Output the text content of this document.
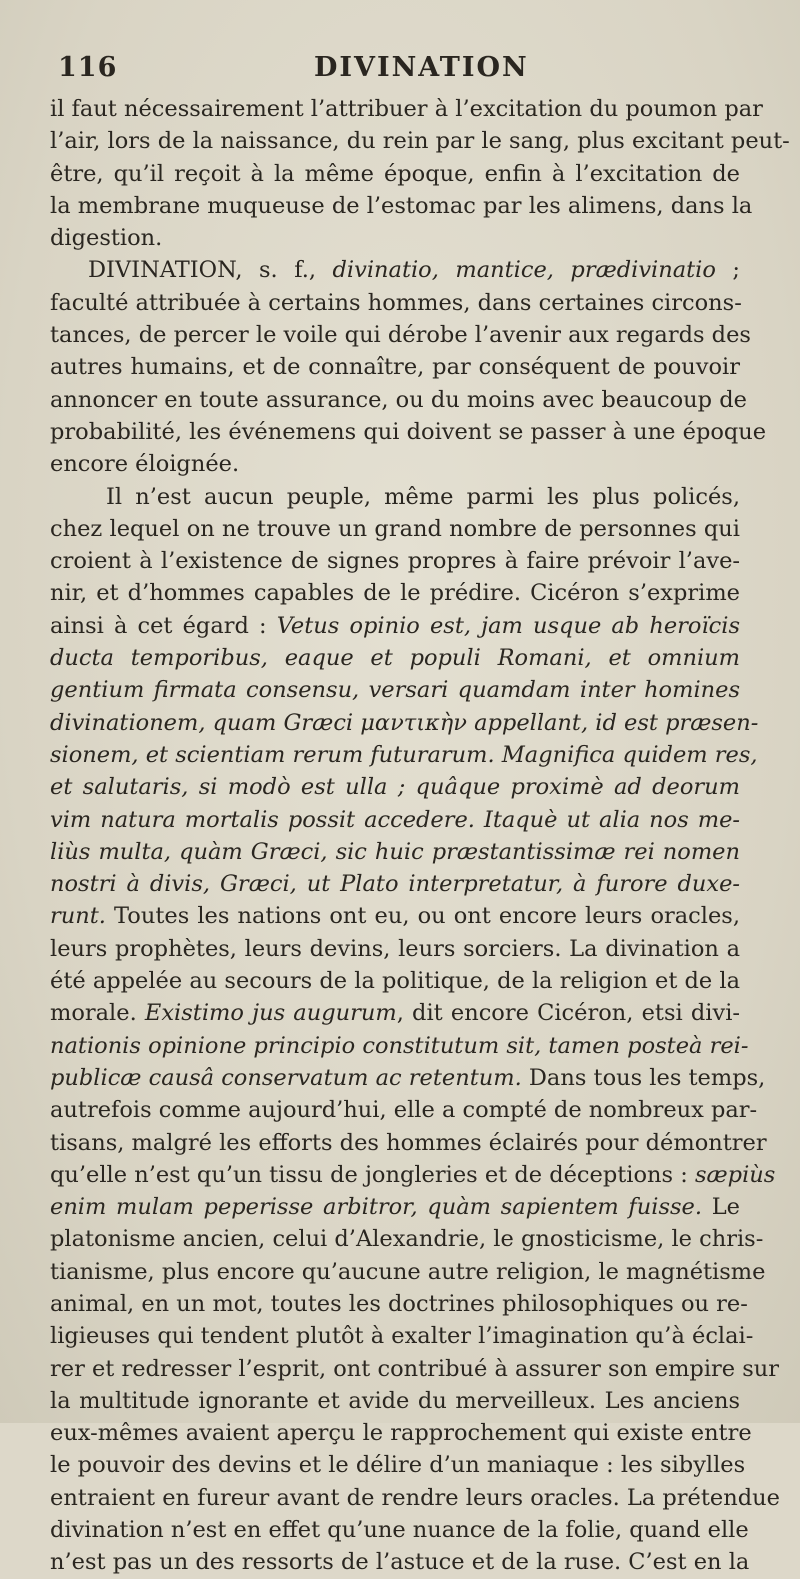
116	DIVINATION
il faut nécessairement l’attribuer à l’excitation du poumon par
l’air, lors de la naissance, du rein par le sang, plus excitant peut-
être, qu’il reçoit à la même époque, enfin à l’excitation de
la membrane muqueuse de l’estomac par les alimens, dans la
digestion.
DIVINATION, s. f., divinatio, mantice, prædivinatio ;
faculté attribuée à certains hommes, dans certaines circons-
tances, de percer le voile qui dérobe l’avenir aux regards des
autres humains, et de connaître, par conséquent de pouvoir
annoncer en toute assurance, ou du moins avec beaucoup de
probabilité, les événemens qui doivent se passer à une époque
encore éloignée.
Il n’est aucun peuple, même parmi les plus policés,
chez lequel on ne trouve un grand nombre de personnes qui
croient à l’existence de signes propres à faire prévoir l’ave-
nir, et d’hommes capables de le prédire. Cicéron s’exprime
ainsi à cet égard : Vetus opinio est, jam usque ab heroïcis
ducta temporibus, eaque et populi Romani, et omnium
gentium firmata consensu, versari quamdam inter homines
divinationem, quam Græci μαντικὴν appellant, id est præsen-
sionem, et scientiam rerum futurarum. Magnifica quidem res,
et salutaris, si modò est ulla ; quâque proximè ad deorum
vim natura mortalis possit accedere. Itaquè ut alia nos me-
liùs multa, quàm Græci, sic huic præstantissimæ rei nomen
nostri à divis, Græci, ut Plato interpretatur, à furore duxe-
runt. Toutes les nations ont eu, ou ont encore leurs oracles,
leurs prophètes, leurs devins, leurs sorciers. La divination a
été appelée au secours de la politique, de la religion et de la
morale. Existimo jus augurum, dit encore Cicéron, etsi divi-
nationis opinione principio constitutum sit, tamen posteà rei-
publicæ causâ conservatum ac retentum. Dans tous les temps,
autrefois comme aujourd’hui, elle a compté de nombreux par-
tisans, malgré les efforts des hommes éclairés pour démontrer
qu’elle n’est qu’un tissu de jongleries et de déceptions : sæpiùs
enim mulam peperisse arbitror, quàm sapientem fuisse. Le
platonisme ancien, celui d’Alexandrie, le gnosticisme, le chris-
tianisme, plus encore qu’aucune autre religion, le magnétisme
animal, en un mot, toutes les doctrines philosophiques ou re-
ligieuses qui tendent plutôt à exalter l’imagination qu’à éclai-
rer et redresser l’esprit, ont contribué à assurer son empire sur
la multitude ignorante et avide du merveilleux. Les anciens
eux-mêmes avaient aperçu le rapprochement qui existe entre
le pouvoir des devins et le délire d’un maniaque : les sibylles
entraient en fureur avant de rendre leurs oracles. La prétendue
divination n’est en effet qu’une nuance de la folie, quand elle
n’est pas un des ressorts de l’astuce et de la ruse. C’est en la
